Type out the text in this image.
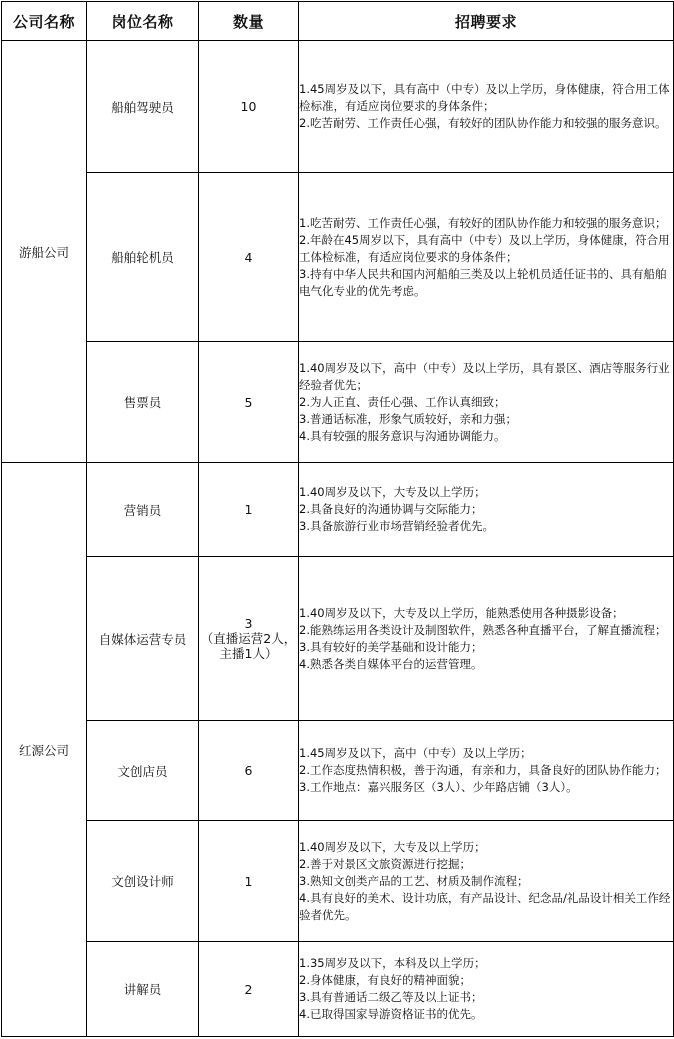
公司名称	岗位名称	数量	招聘要求
游船公司	船舶驾驶员	10	1.45周岁及以下，具有高中（中专）及以上学历，身体健康，符合用工体检标准，有适应岗位要求的身体条件；
2.吃苦耐劳、工作责任心强，有较好的团队协作能力和较强的服务意识。

	船舶轮机员	4	1.吃苦耐劳、工作责任心强，有较好的团队协作能力和较强的服务意识；
2.年龄在45周岁以下，具有高中（中专）及以上学历，身体健康，符合用工体检标准，有适应岗位要求的身体条件；
3.持有中华人民共和国内河船舶三类及以上轮机员适任证书的、具有船舶电气化专业的优先考虑。

	售票员	5	1.40周岁及以下，高中（中专）及以上学历，具有景区、酒店等服务行业经验者优先；
2.为人正直、责任心强、工作认真细致；
3.普通话标准，形象气质较好，亲和力强；
4.具有较强的服务意识与沟通协调能力。

红源公司	营销员	1	1.40周岁及以下，大专及以上学历；
2.具备良好的沟通协调与交际能力；
3.具备旅游行业市场营销经验者优先。

	自媒体运营专员	3
（直播运营2人，主播1人）	1.40周岁及以下，大专及以上学历，能熟悉使用各种摄影设备；
2.能熟练运用各类设计及制图软件，熟悉各种直播平台，了解直播流程；
3.具有较好的美学基础和设计能力；
4.熟悉各类自媒体平台的运营管理。

	文创店员	6	1.45周岁及以下，高中（中专）及以上学历；
2.工作态度热情积极，善于沟通，有亲和力，具备良好的团队协作能力；
3.工作地点：嘉兴服务区（3人）、少年路店铺（3人）。

	文创设计师	1	1.40周岁及以下，大专及以上学历；
2.善于对景区文旅资源进行挖掘；
3.熟知文创类产品的工艺、材质及制作流程；
4.具有良好的美术、设计功底，有产品设计、纪念品/礼品设计相关工作经验者优先。

	讲解员	2	1.35周岁及以下，本科及以上学历；
2.身体健康，有良好的精神面貌；
3.具有普通话二级乙等及以上证书；
4.已取得国家导游资格证书的优先。
